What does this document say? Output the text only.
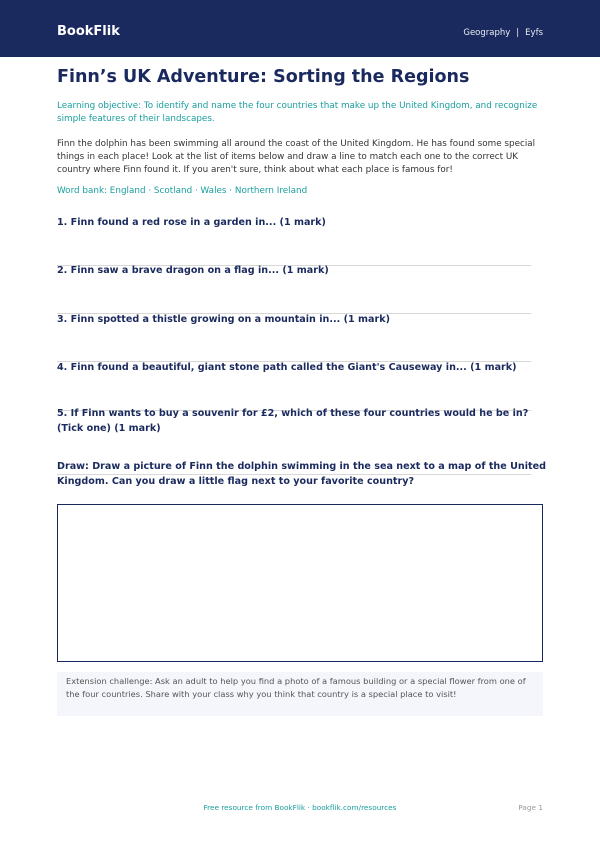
BookFlik	Geography | Eyfs
Finn’s UK Adventure: Sorting the Regions

Learning objective: To identify and name the four countries that make up the United Kingdom, and recognize simple features of their landscapes.

Finn the dolphin has been swimming all around the coast of the United Kingdom. He has found some special things in each place! Look at the list of items below and draw a line to match each one to the correct UK country where Finn found it. If you aren't sure, think about what each place is famous for!

Word bank: England · Scotland · Wales · Northern Ireland

1. Finn found a red rose in a garden in... (1 mark)
2. Finn saw a brave dragon on a flag in... (1 mark)
3. Finn spotted a thistle growing on a mountain in... (1 mark)
4. Finn found a beautiful, giant stone path called the Giant's Causeway in... (1 mark)
5. If Finn wants to buy a souvenir for £2, which of these four countries would he be in? (Tick one) (1 mark)
Draw: Draw a picture of Finn the dolphin swimming in the sea next to a map of the United Kingdom. Can you draw a little flag next to your favorite country?
Extension challenge: Ask an adult to help you find a photo of a famous building or a special flower from one of the four countries. Share with your class why you think that country is a special place to visit!
Free resource from BookFlik · bookflik.com/resources	Page 1
